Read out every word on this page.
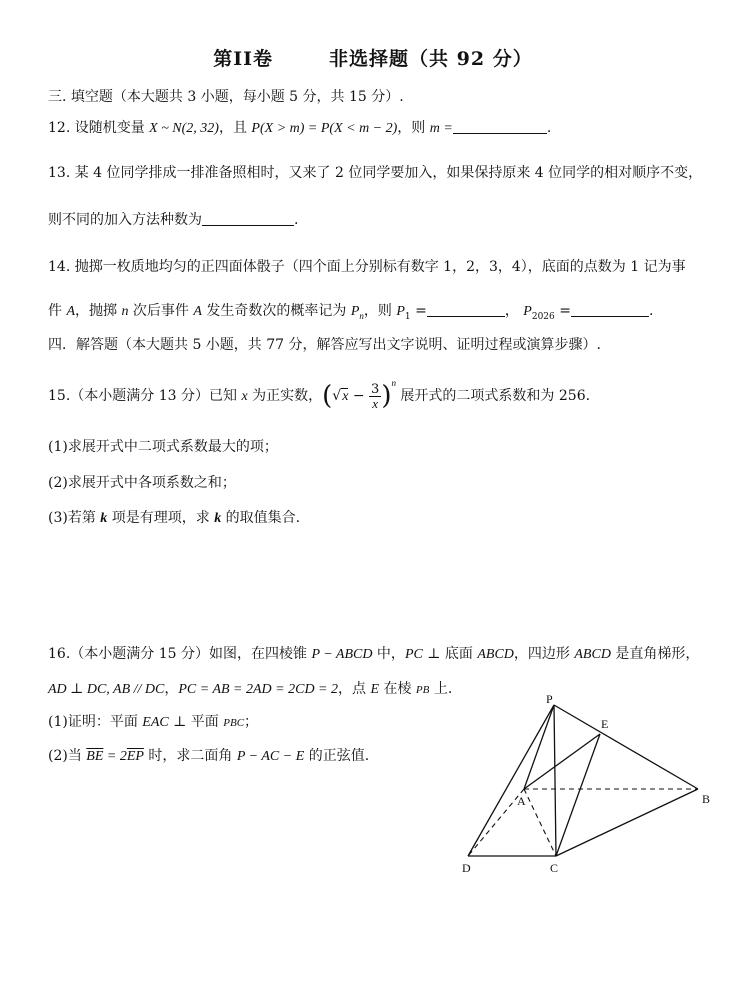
第II卷	非选择题（共 92 分）
三. 填空题（本大题共 3 小题，每小题 5 分，共 15 分）.
12. 设随机变量 X ~ N(2, 32)，且 P(X > m) = P(X < m − 2)，则 m =	.
13. 某 4 位同学排成一排准备照相时，又来了 2 位同学要加入，如果保持原来 4 位同学的相对顺序不变，
则不同的加入方法种数为	.
14. 抛掷一枚质地均匀的正四面体骰子（四个面上分别标有数字 1，2，3，4），底面的点数为 1 记为事
件 A，抛掷 n 次后事件 A 发生奇数次的概率记为 $P_n$，则 $P_1$ =	， $P_{2026}$ =	.
四．解答题（本大题共 5 小题，共 77 分，解答应写出文字说明、证明过程或演算步骤）.
15.（本小题满分 13 分）已知 x 为正实数，$(√x - \frac{3}{x} )^n$ 展开式的二项式系数和为 256.
(1)求展开式中二项式系数最大的项；
(2)求展开式中各项系数之和；
(3)若第 k 项是有理项，求 k 的取值集合.
16.（本小题满分 15 分）如图，在四棱锥 P − ABCD 中，PC ⊥ 底面 ABCD，四边形 ABCD 是直角梯形，
AD ⊥ DC, AB // DC，PC = AB = 2AD = 2CD = 2，点 E 在棱 PB 上.
(1)证明：平面 EAC ⊥ 平面 PBC；
(2)当 $\overline{BE} = 2\overline{EP}$ 时，求二面角 P − AC − E 的正弦值.
P
E
A	B
D	C
